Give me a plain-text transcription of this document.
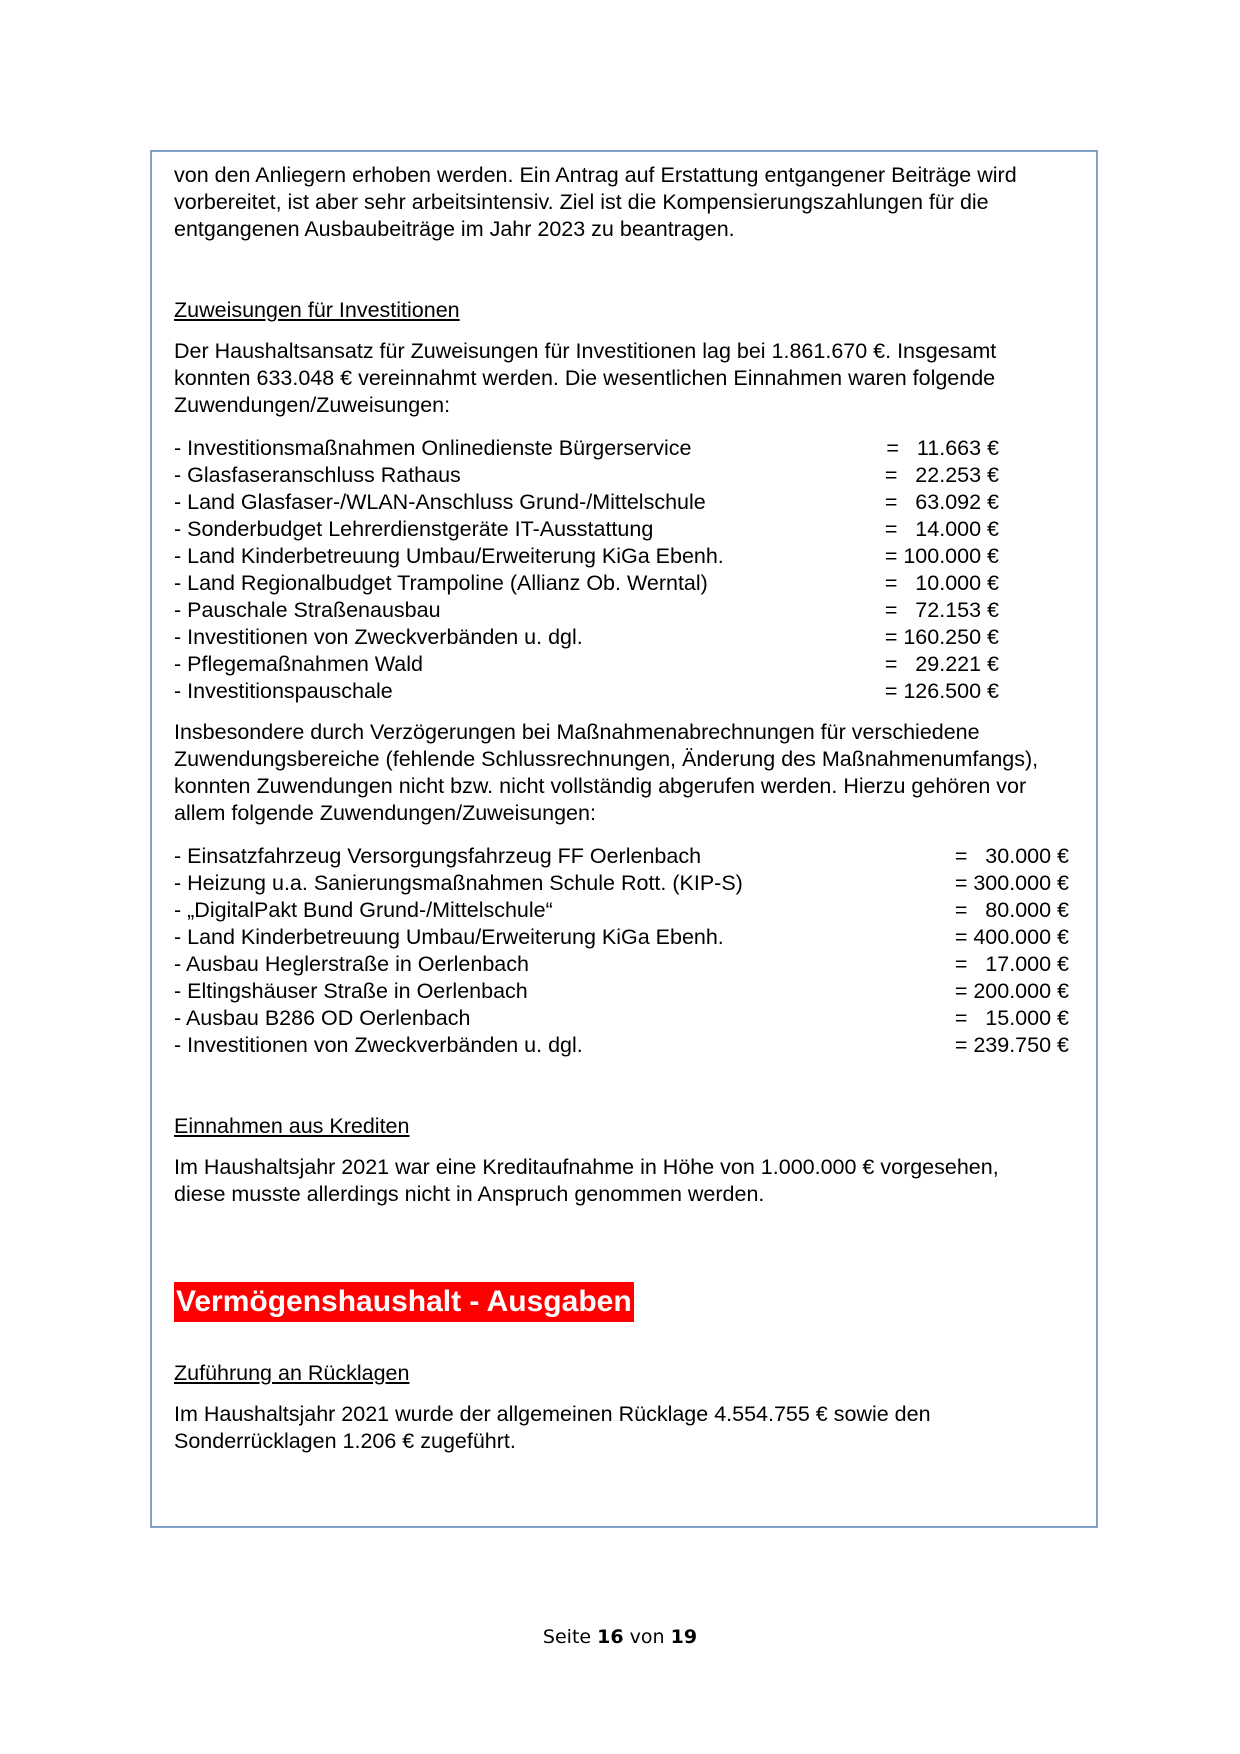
von den Anliegern erhoben werden. Ein Antrag auf Erstattung entgangener Beiträge wird vorbereitet, ist aber sehr arbeitsintensiv. Ziel ist die Kompensierungszahlungen für die entgangenen Ausbaubeiträge im Jahr 2023 zu beantragen.

Zuweisungen für Investitionen

Der Haushaltsansatz für Zuweisungen für Investitionen lag bei 1.861.670 €. Insgesamt konnten 633.048 € vereinnahmt werden. Die wesentlichen Einnahmen waren folgende Zuwendungen/Zuweisungen:

- Investitionsmaßnahmen Onlinedienste Bürgerservice	=   11.663 €
- Glasfaseranschluss Rathaus	=   22.253 €
- Land Glasfaser-/WLAN-Anschluss Grund-/Mittelschule	=   63.092 €
- Sonderbudget Lehrerdienstgeräte IT-Ausstattung	=   14.000 €
- Land Kinderbetreuung Umbau/Erweiterung KiGa Ebenh.	= 100.000 €
- Land Regionalbudget Trampoline (Allianz Ob. Werntal)	=   10.000 €
- Pauschale Straßenausbau	=   72.153 €
- Investitionen von Zweckverbänden u. dgl.	= 160.250 €
- Pflegemaßnahmen Wald	=   29.221 €
- Investitionspauschale	= 126.500 €

Insbesondere durch Verzögerungen bei Maßnahmenabrechnungen für verschiedene Zuwendungsbereiche (fehlende Schlussrechnungen, Änderung des Maßnahmenumfangs), konnten Zuwendungen nicht bzw. nicht vollständig abgerufen werden. Hierzu gehören vor allem folgende Zuwendungen/Zuweisungen:

- Einsatzfahrzeug Versorgungsfahrzeug FF Oerlenbach	=   30.000 €
- Heizung u.a. Sanierungsmaßnahmen Schule Rott. (KIP-S)	= 300.000 €
- „DigitalPakt Bund Grund-/Mittelschule“	=   80.000 €
- Land Kinderbetreuung Umbau/Erweiterung KiGa Ebenh.	= 400.000 €
- Ausbau Heglerstraße in Oerlenbach	=   17.000 €
- Eltingshäuser Straße in Oerlenbach	= 200.000 €
- Ausbau B286 OD Oerlenbach	=   15.000 €
- Investitionen von Zweckverbänden u. dgl.	= 239.750 €

Einnahmen aus Krediten

Im Haushaltsjahr 2021 war eine Kreditaufnahme in Höhe von 1.000.000 € vorgesehen, diese musste allerdings nicht in Anspruch genommen werden.

Vermögenshaushalt - Ausgaben

Zuführung an Rücklagen

Im Haushaltsjahr 2021 wurde der allgemeinen Rücklage 4.554.755 € sowie den Sonderrücklagen 1.206 € zugeführt.

Seite 16 von 19
